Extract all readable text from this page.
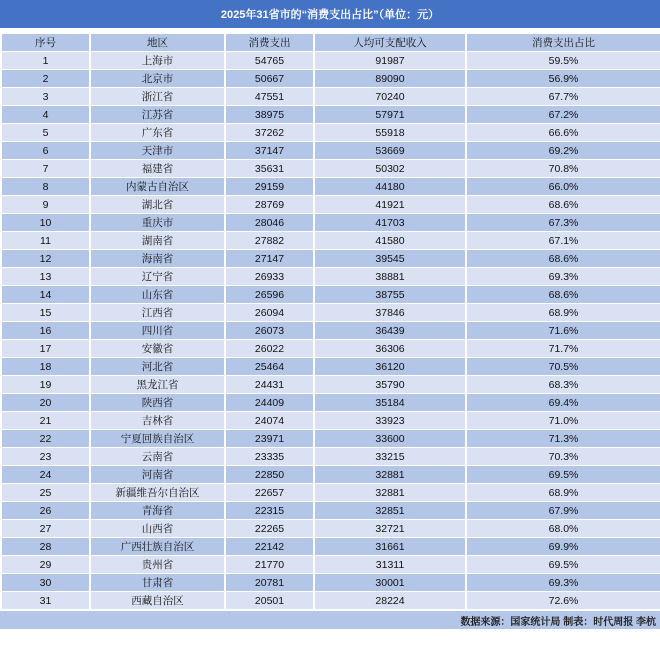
2025年31省市的“消费支出占比”（单位：元）
序号	地区	消费支出	人均可支配收入	消费支出占比
1	上海市	54765	91987	59.5%
2	北京市	50667	89090	56.9%
3	浙江省	47551	70240	67.7%
4	江苏省	38975	57971	67.2%
5	广东省	37262	55918	66.6%
6	天津市	37147	53669	69.2%
7	福建省	35631	50302	70.8%
8	内蒙古自治区	29159	44180	66.0%
9	湖北省	28769	41921	68.6%
10	重庆市	28046	41703	67.3%
11	湖南省	27882	41580	67.1%
12	海南省	27147	39545	68.6%
13	辽宁省	26933	38881	69.3%
14	山东省	26596	38755	68.6%
15	江西省	26094	37846	68.9%
16	四川省	26073	36439	71.6%
17	安徽省	26022	36306	71.7%
18	河北省	25464	36120	70.5%
19	黑龙江省	24431	35790	68.3%
20	陕西省	24409	35184	69.4%
21	吉林省	24074	33923	71.0%
22	宁夏回族自治区	23971	33600	71.3%
23	云南省	23335	33215	70.3%
24	河南省	22850	32881	69.5%
25	新疆维吾尔自治区	22657	32881	68.9%
26	青海省	22315	32851	67.9%
27	山西省	22265	32721	68.0%
28	广西壮族自治区	22142	31661	69.9%
29	贵州省	21770	31311	69.5%
30	甘肃省	20781	30001	69.3%
31	西藏自治区	20501	28224	72.6%
数据来源：国家统计局 制表：时代周报 李杭
